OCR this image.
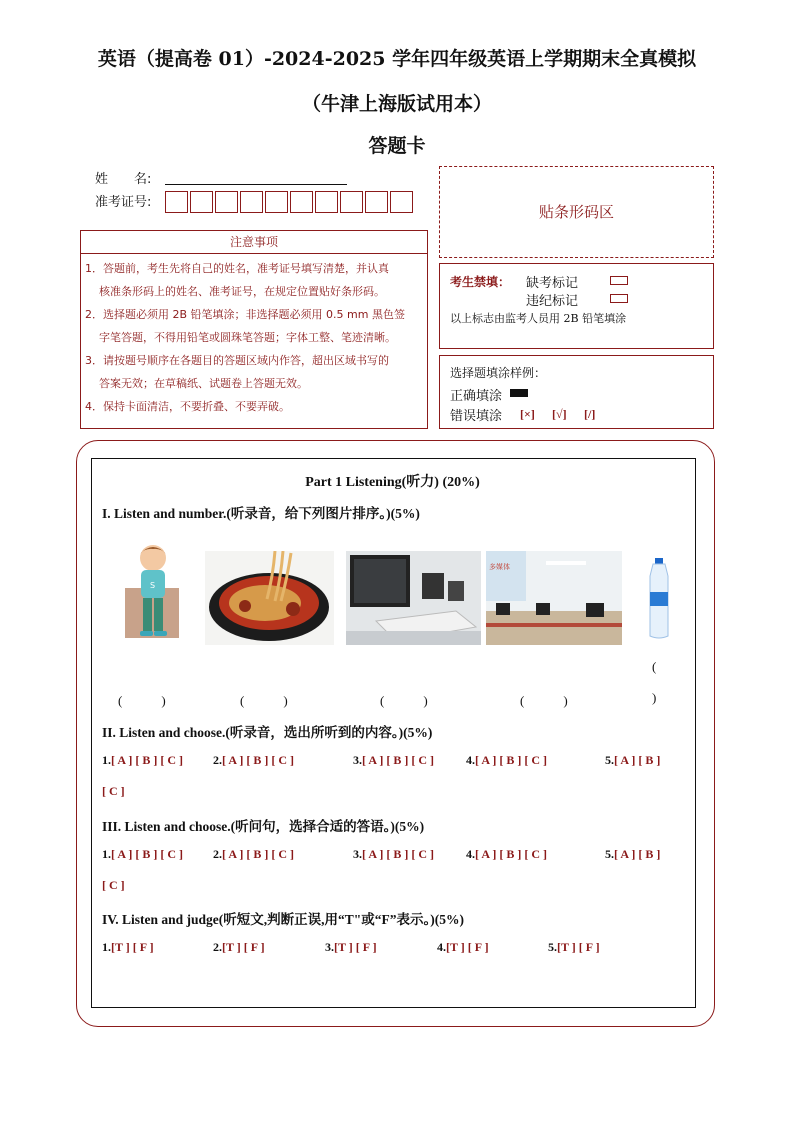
英语（提高卷 01）-2024-2025 学年四年级英语上学期期末全真模拟
（牛津上海版试用本）
答题卡
姓　　名:
准考证号:
贴条形码区
注意事项
1．答题前，考生先将自己的姓名，准考证号填写清楚，并认真
核准条形码上的姓名、准考证号，在规定位置贴好条形码。
2．选择题必须用 2B 铅笔填涂；非选择题必须用 0.5 mm 黑色签
字笔答题，不得用铅笔或圆珠笔答题；字体工整、笔迹清晰。
3．请按题号顺序在各题目的答题区域内作答，超出区域书写的
答案无效；在草稿纸、试题卷上答题无效。
4．保持卡面清洁，不要折叠、不要弄破。
考生禁填： 缺考标记
违纪标记
以上标志由监考人员用 2B 铅笔填涂
选择题填涂样例：
正确填涂
错误填涂 [×] [√] [/]
Part 1 Listening(听力) (20%)
I. Listen and number.(听录音，给下列图片排序。)(5%)
S
多媒体
(　　　)	(　　　)	(　　　)	(　　　)
(
)
II. Listen and choose.(听录音，选出所听到的内容。)(5%)
1.[ A ] [ B ] [ C ]	2.[ A ] [ B ] [ C ]	3.[ A ] [ B ] [ C ]	4.[ A ] [ B ] [ C ]	5.[ A ] [ B ]
[ C ]
III. Listen and choose.(听问句，选择合适的答语。)(5%)
1.[ A ] [ B ] [ C ]	2.[ A ] [ B ] [ C ]	3.[ A ] [ B ] [ C ]	4.[ A ] [ B ] [ C ]	5.[ A ] [ B ]
[ C ]
IV. Listen and judge(听短文,判断正误,用“T"或“F”表示。)(5%)
1.[T ] [ F ]	2.[T ] [ F ]	3.[T ] [ F ]	4.[T ] [ F ]	5.[T ] [ F ]
